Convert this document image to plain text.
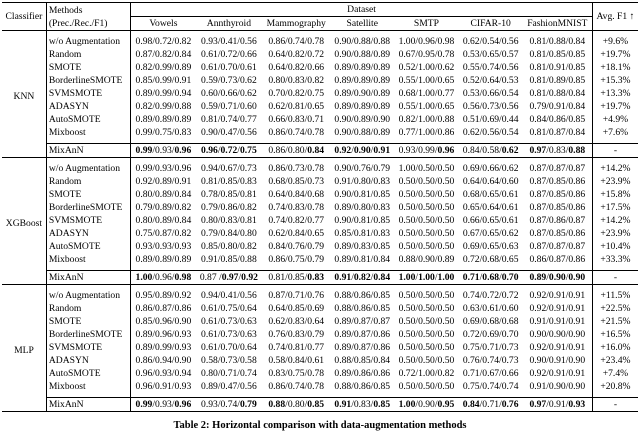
Classifier	Methods
(Prec./Rec./F1)	Dataset							Avg. F1 ↑
		Vowels	Annthyroid	Mammography	Satellite	SMTP	CIFAR-10	FashionMNIST	

KNN	w/o Augmentation	0.98/0.72/0.82	0.93/0.41/0.56	0.86/0.74/0.78	0.90/0.88/0.88	1.00/0.96/0.98	0.62/0.54/0.56	0.81/0.88/0.84	+9.6%
	Random	0.87/0.82/0.84	0.61/0.72/0.66	0.64/0.82/0.72	0.90/0.88/0.89	0.67/0.95/0.78	0.53/0.65/0.57	0.81/0.85/0.85	+19.7%
	SMOTE	0.82/0.99/0.89	0.61/0.70/0.61	0.64/0.82/0.66	0.89/0.89/0.89	0.52/1.00/0.62	0.55/0.74/0.56	0.81/0.91/0.85	+18.1%
	BorderlineSMOTE	0.85/0.99/0.91	0.59/0.73/0.62	0.80/0.83/0.82	0.89/0.89/0.89	0.55/1.00/0.65	0.52/0.64/0.53	0.81/0.89/0.85	+15.3%
	SVMSMOTE	0.89/0.99/0.94	0.60/0.66/0.62	0.70/0.82/0.75	0.89/0.90/0.89	0.68/1.00/0.77	0.53/0.66/0.54	0.81/0.88/0.84	+13.3%
	ADASYN	0.82/0.99/0.88	0.59/0.71/0.60	0.62/0.81/0.65	0.89/0.89/0.89	0.55/1.00/0.65	0.56/0.73/0.56	0.79/0.91/0.84	+19.7%
	AutoSMOTE	0.89/0.89/0.89	0.81/0.74/0.77	0.66/0.83/0.71	0.90/0.89/0.90	0.82/1.00/0.88	0.51/0.69/0.44	0.84/0.86/0.85	+4.9%
	Mixboost	0.99/0.75/0.83	0.90/0.47/0.56	0.86/0.74/0.78	0.90/0.88/0.89	0.77/1.00/0.86	0.62/0.56/0.54	0.81/0.87/0.84	+7.6%

	MixAnN	0.99/0.93/0.96	0.96/0.72/0.75	0.86/0.80/0.84	0.92/0.90/0.91	0.93/0.99/0.96	0.84/0.58/0.62	0.97/0.83/0.88	-

XGBoost	w/o Augmentation	0.99/0.93/0.96	0.94/0.67/0.73	0.86/0.73/0.78	0.90/0.76/0.79	1.00/0.50/0.50	0.69/0.66/0.62	0.87/0.87/0.87	+14.2%
	Random	0.92/0.89/0.91	0.81/0.85/0.83	0.68/0.85/0.73	0.91/0.80/0.83	0.50/0.50/0.50	0.64/0.64/0.60	0.87/0.85/0.86	+23.9%
	SMOTE	0.80/0.89/0.84	0.78/0.85/0.81	0.64/0.84/0.68	0.90/0.81/0.85	0.50/0.50/0.50	0.68/0.65/0.61	0.87/0.85/0.86	+15.8%
	BorderlineSMOTE	0.79/0.89/0.82	0.79/0.86/0.82	0.74/0.83/0.78	0.89/0.80/0.83	0.50/0.50/0.50	0.65/0.64/0.61	0.87/0.85/0.86	+17.5%
	SVMSMOTE	0.80/0.89/0.84	0.80/0.83/0.81	0.74/0.82/0.77	0.90/0.81/0.85	0.50/0.50/0.50	0.66/0.65/0.61	0.87/0.86/0.87	+14.2%
	ADASYN	0.75/0.87/0.82	0.79/0.84/0.80	0.62/0.84/0.65	0.85/0.81/0.83	0.50/0.50/0.50	0.67/0.65/0.62	0.87/0.85/0.86	+23.9%
	AutoSMOTE	0.93/0.93/0.93	0.85/0.80/0.82	0.84/0.76/0.79	0.89/0.83/0.85	0.50/0.50/0.50	0.69/0.65/0.63	0.87/0.87/0.87	+10.4%
	Mixboost	0.89/0.89/0.89	0.91/0.85/0.88	0.86/0.75/0.79	0.89/0.81/0.84	0.88/0.90/0.89	0.72/0.68/0.65	0.86/0.87/0.86	+33.3%

	MixAnN	1.00/0.96/0.98	0.87 /0.97/0.92	0.81/0.85/0.83	0.91/0.82/0.84	1.00/1.00/1.00	0.71/0.68/0.70	0.89/0.90/0.90	-

MLP	w/o Augmentation	0.95/0.89/0.92	0.94/0.41/0.56	0.87/0.71/0.76	0.88/0.86/0.85	0.50/0.50/0.50	0.74/0.72/0.72	0.92/0.91/0.91	+11.5%
	Random	0.86/0.87/0.86	0.61/0.75/0.64	0.64/0.85/0.69	0.88/0.86/0.85	0.50/0.50/0.50	0.63/0.61/0.60	0.92/0.91/0.91	+22.5%
	SMOTE	0.85/0.96/0.90	0.61/0.73/0.63	0.62/0.83/0.64	0.89/0.87/0.87	0.50/0.50/0.50	0.69/0.68/0.68	0.91/0.91/0.91	+21.5%
	BorderlineSMOTE	0.89/0.96/0.93	0.61/0.73/0.63	0.76/0.83/0.79	0.89/0.87/0.86	0.50/0.50/0.50	0.72/0.69/0.70	0.90/0.90/0.90	+16.5%
	SVMSMOTE	0.89/0.99/0.93	0.61/0.70/0.64	0.74/0.81/0.77	0.89/0.87/0.86	0.50/0.50/0.50	0.75/0.71/0.73	0.92/0.91/0.91	+16.0%
	ADASYN	0.86/0.94/0.90	0.58/0.73/0.58	0.58/0.84/0.61	0.88/0.85/0.84	0.50/0.50/0.50	0.76/0.74/0.73	0.90/0.91/0.90	+23.4%
	AutoSMOTE	0.96/0.93/0.94	0.80/0.71/0.74	0.83/0.75/0.78	0.89/0.86/0.86	0.72/1.00/0.82	0.71/0.67/0.66	0.92/0.91/0.91	+7.4%
	Mixboost	0.96/0.91/0.93	0.89/0.47/0.56	0.86/0.74/0.78	0.88/0.86/0.85	0.50/0.50/0.50	0.75/0.74/0.74	0.91/0.90/0.90	+20.8%

	MixAnN	0.99/0.93/0.96	0.93/0.74/0.79	0.88/0.80/0.85	0.91/0.83/0.85	1.00/0.90/0.95	0.84/0.71/0.76	0.97/0.91/0.93	-
Table 2: Horizontal comparison with data-augmentation methods
